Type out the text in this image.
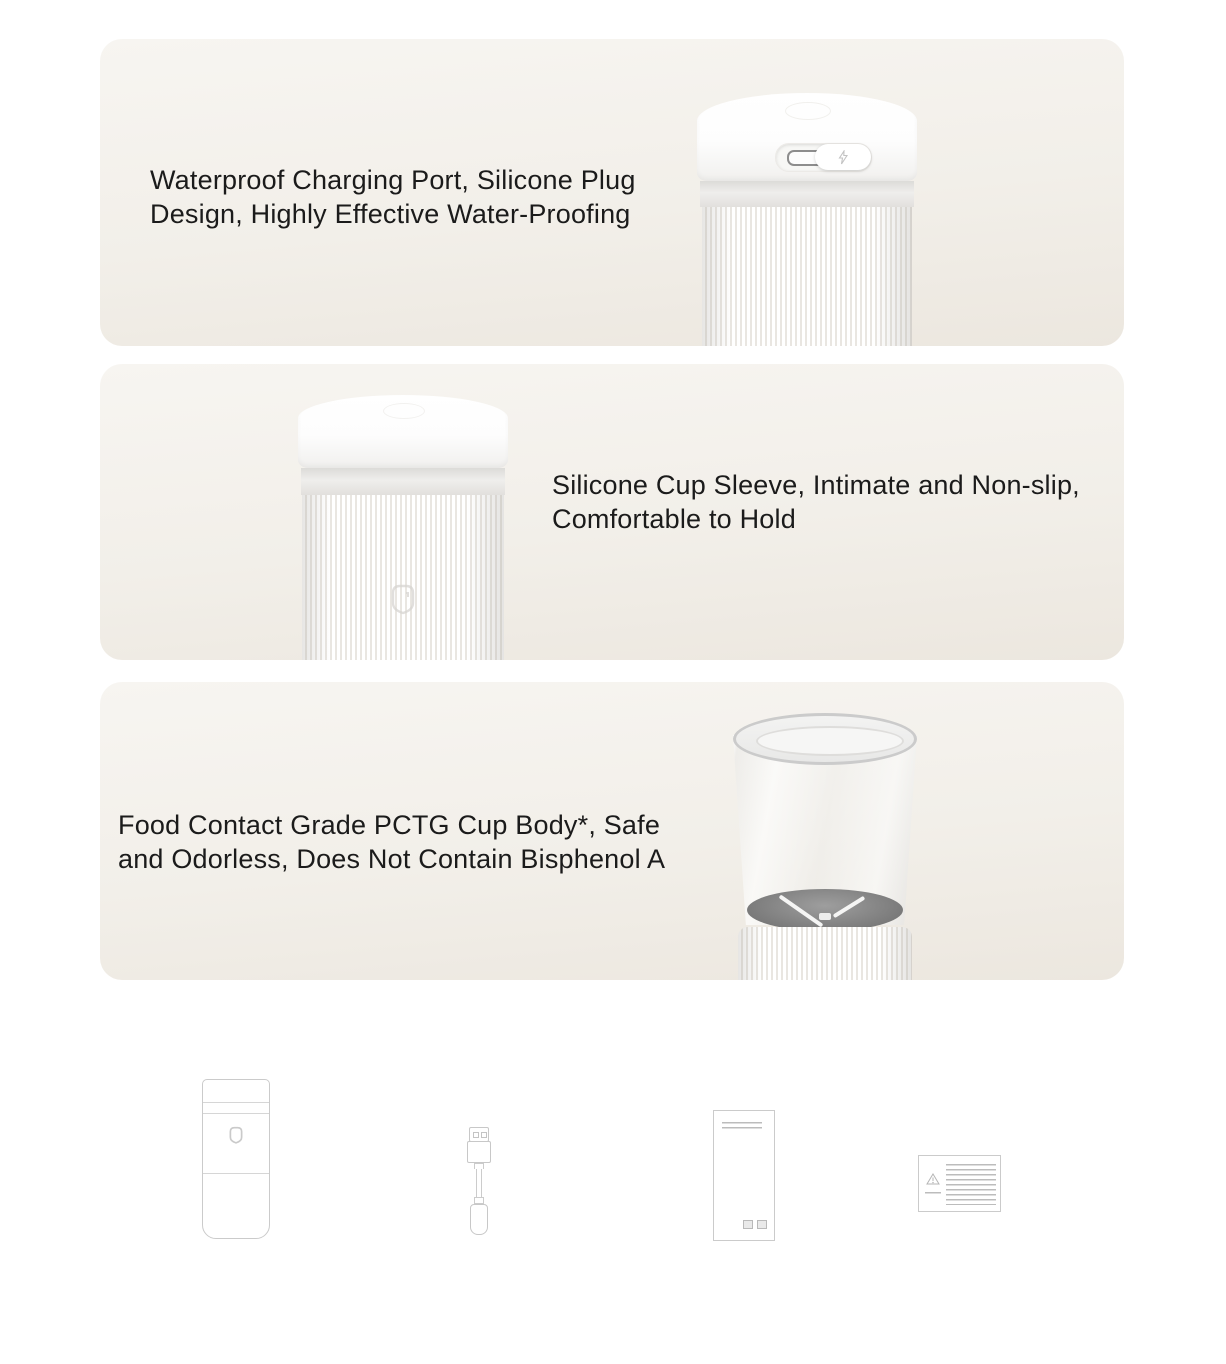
Waterproof Charging Port, Silicone Plug
Design, Highly Effective Water-Proofing
Silicone Cup Sleeve, Intimate and Non-slip,
Comfortable to Hold
Food Contact Grade PCTG Cup Body*, Safe
and Odorless, Does Not Contain Bisphenol A
